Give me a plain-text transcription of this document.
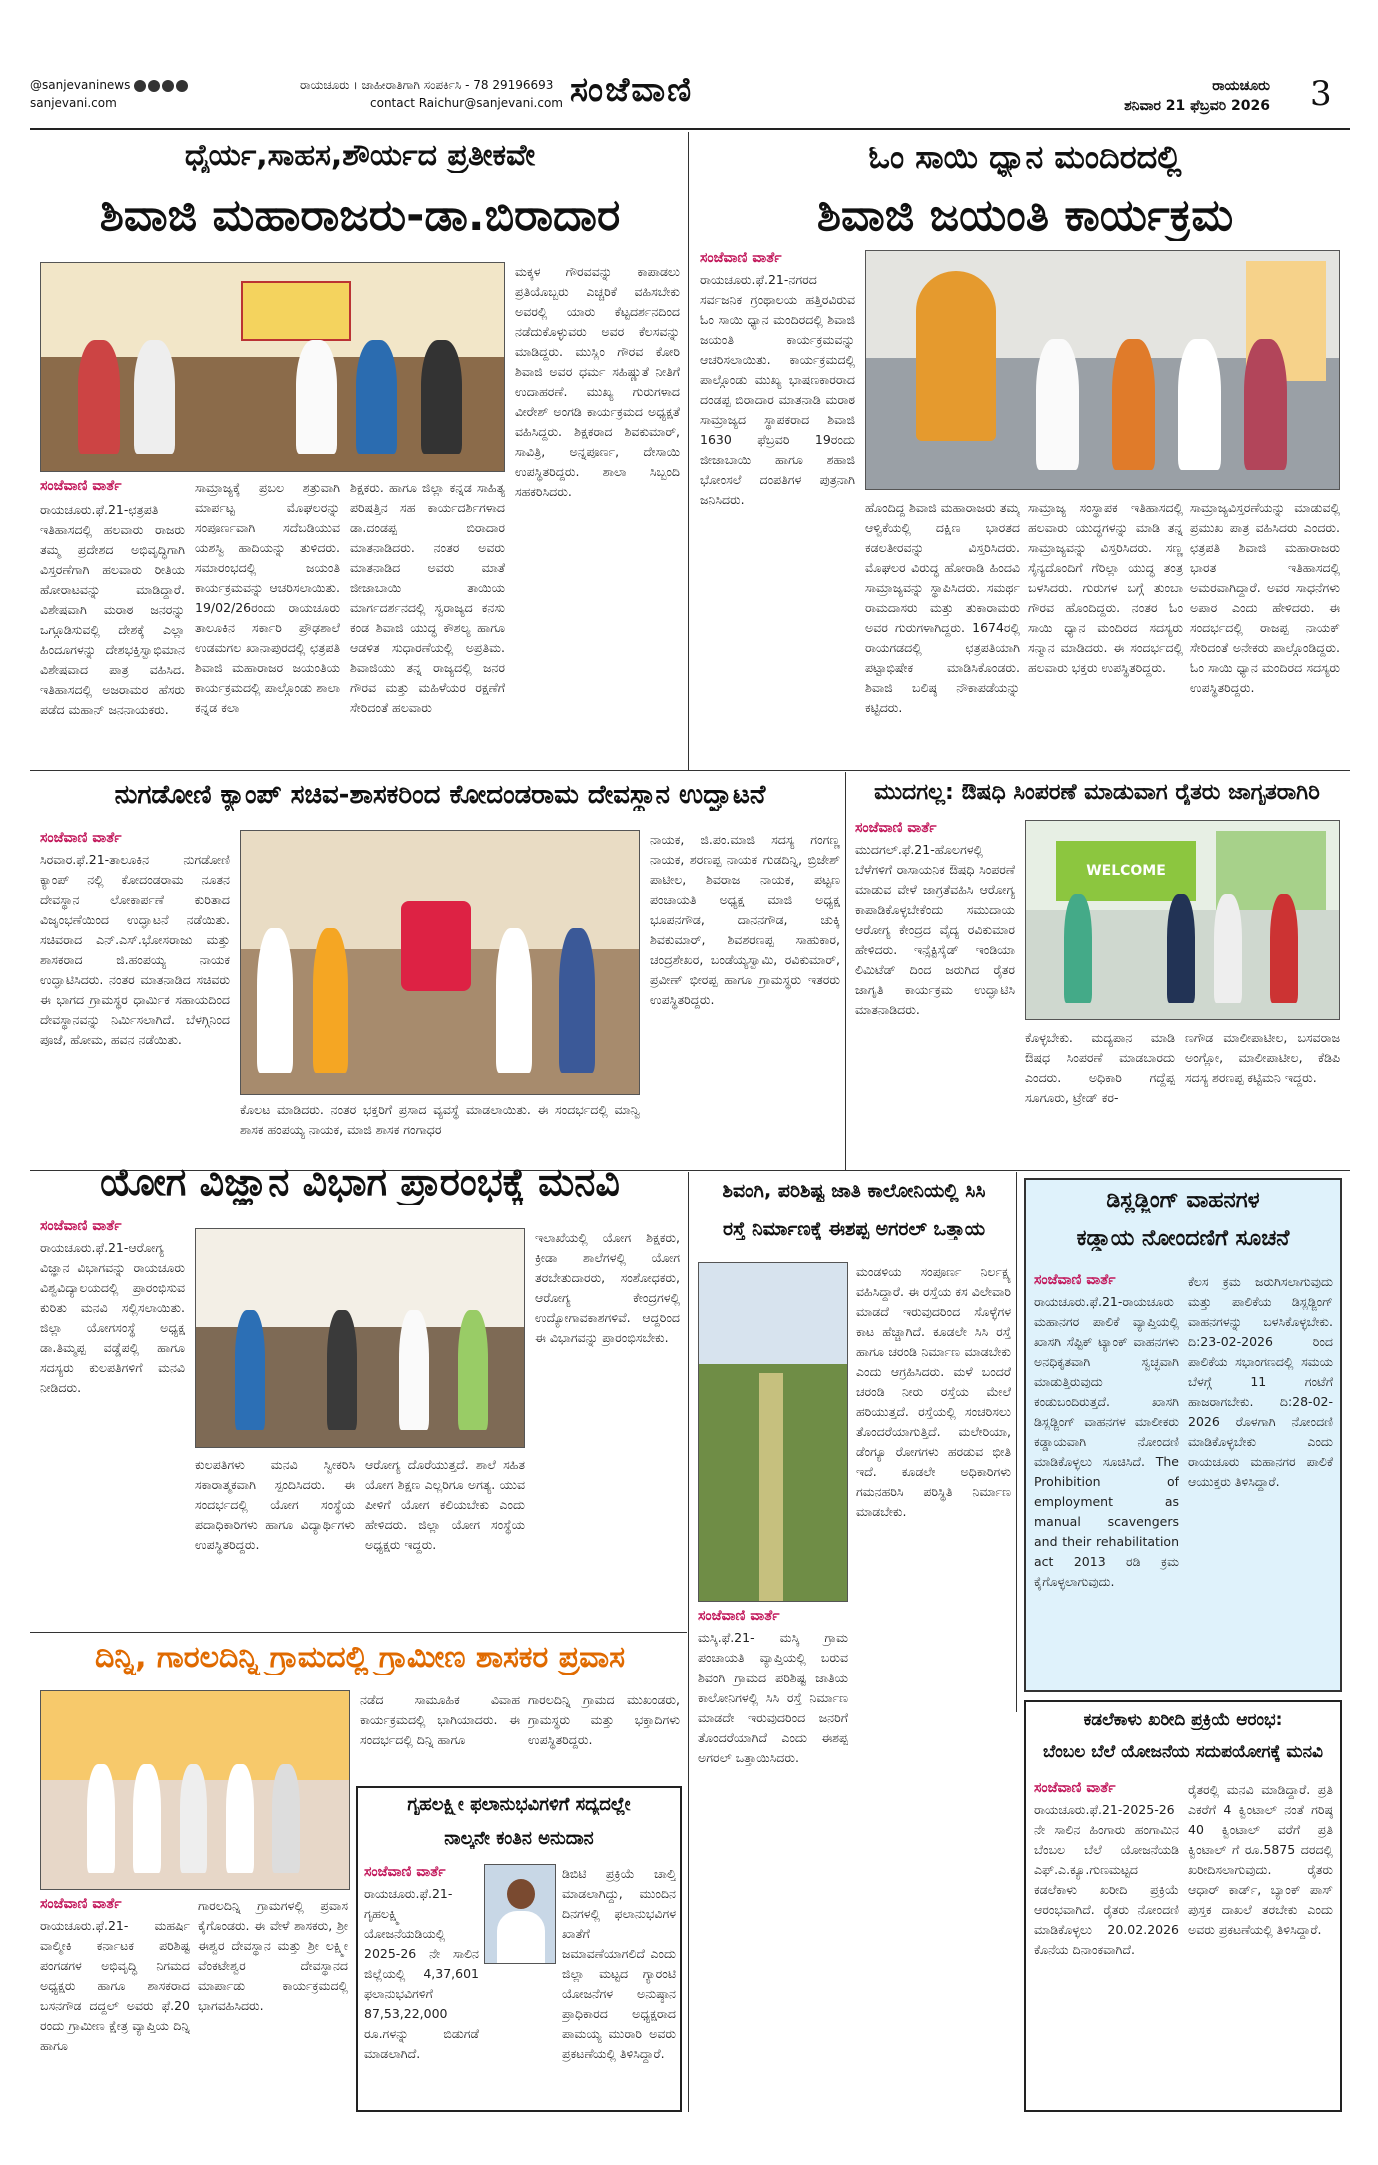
@sanjevaninews
sanjevani.com
ರಾಯಚೂರು । ಜಾಹೀರಾತಿಗಾಗಿ ಸಂಪರ್ಕಿಸಿ - 78 29196693
contact Raichur@sanjevani.com ಸಂಜೆವಾಣಿ	ರಾಯಚೂರು
ಶನಿವಾರ 21 ಫೆಬ್ರವರಿ 2026 3
ಧೈರ್ಯ,ಸಾಹಸ,ಶೌರ್ಯದ ಪ್ರತೀಕವೇ
ಶಿವಾಜಿ ಮಹಾರಾಜರು-ಡಾ.ಬಿರಾದಾರ
ಮಕ್ಕಳ ಗೌರವವನ್ನು ಕಾಪಾಡಲು ಪ್ರತಿಯೊಬ್ಬರು ಎಚ್ಚರಿಕೆ ವಹಿಸಬೇಕು ಅವರಲ್ಲಿ ಯಾರು ಕೆಟ್ಟದರ್ಶನದಿಂದ ನಡೆದುಕೊಳ್ಳುವರು ಅವರ ಕೆಲಸವನ್ನು ಮಾಡಿದ್ದರು. ಮುಸ್ಲಿಂ ಗೌರವ ಕೋರಿ ಶಿವಾಜಿ ಅವರ ಧರ್ಮ ಸಹಿಷ್ಣುತೆ ನೀತಿಗೆ ಉದಾಹರಣೆ. ಮುಖ್ಯ ಗುರುಗಳಾದ ವೀರೇಶ್ ಅಂಗಡಿ ಕಾರ್ಯಕ್ರಮದ ಅಧ್ಯಕ್ಷತೆ ವಹಿಸಿದ್ದರು. ಶಿಕ್ಷಕರಾದ ಶಿವಕುಮಾರ್, ಸಾವಿತ್ರಿ, ಅನ್ನಪೂರ್ಣ, ದೇಸಾಯಿ ಉಪಸ್ಥಿತರಿದ್ದರು. ಶಾಲಾ ಸಿಬ್ಬಂದಿ ಸಹಕರಿಸಿದರು.
ಸಂಜೆವಾಣಿ ವಾರ್ತೆ
ರಾಯಚೂರು.ಫೆ.21-ಛತ್ರಪತಿ ಇತಿಹಾಸದಲ್ಲಿ ಹಲವಾರು ರಾಜರು ತಮ್ಮ ಪ್ರದೇಶದ ಅಭಿವೃದ್ಧಿಗಾಗಿ ವಿಸ್ತರಣೆಗಾಗಿ ಹಲವಾರು ರೀತಿಯ ಹೋರಾಟವನ್ನು ಮಾಡಿದ್ದಾರೆ. ವಿಶೇಷವಾಗಿ ಮರಾಠ ಜನರನ್ನು ಒಗ್ಗೂಡಿಸುವಲ್ಲಿ ದೇಶಕ್ಕೆ ಎಲ್ಲಾ ಹಿಂದೂಗಳನ್ನು ದೇಶಭಕ್ತಿಸ್ವಾಭಿಮಾನ ವಿಶೇಷವಾದ ಪಾತ್ರ ವಹಿಸಿದ. ಇತಿಹಾಸದಲ್ಲಿ ಅಜರಾಮರ ಹೆಸರು ಪಡೆದ ಮಹಾನ್ ಜನನಾಯಕರು.
ಸಾಮ್ರಾಜ್ಯಕ್ಕೆ ಪ್ರಬಲ ಶತ್ರುವಾಗಿ ಮಾರ್ಪಟ್ಟ ಮೊಘಲರನ್ನು ಸಂಪೂರ್ಣವಾಗಿ ಸದೆಬಡಿಯುವ ಯಶಸ್ವಿ ಹಾದಿಯನ್ನು ತುಳಿದರು. ಸಮಾರಂಭದಲ್ಲಿ ಜಯಂತಿ ಕಾರ್ಯಕ್ರಮವನ್ನು ಆಚರಿಸಲಾಯಿತು. 19/02/26ರಂದು ರಾಯಚೂರು ತಾಲೂಕಿನ ಸರ್ಕಾರಿ ಪ್ರೌಢಶಾಲೆ ಉಡಮಗಲ ಖಾನಾಪುರದಲ್ಲಿ ಛತ್ರಪತಿ ಶಿವಾಜಿ ಮಹಾರಾಜರ ಜಯಂತಿಯ ಕಾರ್ಯಕ್ರಮದಲ್ಲಿ ಪಾಲ್ಗೊಂಡು ಶಾಲಾ ಕನ್ನಡ ಕಲಾ
ಶಿಕ್ಷಕರು. ಹಾಗೂ ಜಿಲ್ಲಾ ಕನ್ನಡ ಸಾಹಿತ್ಯ ಪರಿಷತ್ತಿನ ಸಹ ಕಾರ್ಯದರ್ಶಿಗಳಾದ ಡಾ.ದಂಡಪ್ಪ ಬಿರಾದಾರ ಮಾತನಾಡಿದರು. ನಂತರ ಅವರು ಮಾತನಾಡಿದ ಅವರು ಮಾತೆ ಜೀಜಾಬಾಯಿ ತಾಯಿಯ ಮಾರ್ಗದರ್ಶನದಲ್ಲಿ ಸ್ವರಾಜ್ಯದ ಕನಸು ಕಂಡ ಶಿವಾಜಿ ಯುದ್ಧ ಕೌಶಲ್ಯ ಹಾಗೂ ಆಡಳಿತ ಸುಧಾರಣೆಯಲ್ಲಿ ಅಪ್ರತಿಮ. ಶಿವಾಜಿಯು ತನ್ನ ರಾಜ್ಯದಲ್ಲಿ ಜನರ ಗೌರವ ಮತ್ತು ಮಹಿಳೆಯರ ರಕ್ಷಣೆಗೆ ಸೇರಿದಂತೆ ಹಲವಾರು
ಓಂ ಸಾಯಿ ಧ್ಯಾನ ಮಂದಿರದಲ್ಲಿ
ಶಿವಾಜಿ ಜಯಂತಿ ಕಾರ್ಯಕ್ರಮ
ಸಂಜೆವಾಣಿ ವಾರ್ತೆ
ರಾಯಚೂರು.ಫೆ.21-ನಗರದ ಸರ್ವಜನಿಕ ಗ್ರಂಥಾಲಯ ಹತ್ತಿರವಿರುವ ಓಂ ಸಾಯಿ ಧ್ಯಾನ ಮಂದಿರದಲ್ಲಿ ಶಿವಾಜಿ ಜಯಂತಿ ಕಾರ್ಯಕ್ರಮವನ್ನು ಆಚರಿಸಲಾಯಿತು. ಕಾರ್ಯಕ್ರಮದಲ್ಲಿ ಪಾಲ್ಗೊಂಡು ಮುಖ್ಯ ಭಾಷಣಕಾರರಾದ ದಂಡಪ್ಪ ಬಿರಾದಾರ ಮಾತನಾಡಿ ಮರಾಠ ಸಾಮ್ರಾಜ್ಯದ ಸ್ಥಾಪಕರಾದ ಶಿವಾಜಿ 1630 ಫೆಬ್ರವರಿ 19ರಂದು ಜೀಜಾಬಾಯಿ ಹಾಗೂ ಶಹಾಜಿ ಭೋಂಸಲೆ ದಂಪತಿಗಳ ಪುತ್ರನಾಗಿ ಜನಿಸಿದರು.
ಹೊಂದಿದ್ದ ಶಿವಾಜಿ ಮಹಾರಾಜರು ತಮ್ಮ ಆಳ್ವಿಕೆಯಲ್ಲಿ ದಕ್ಷಿಣ ಭಾರತದ ಕಡಲತೀರವನ್ನು ವಿಸ್ತರಿಸಿದರು. ಮೊಘಲರ ವಿರುದ್ಧ ಹೋರಾಡಿ ಹಿಂದವಿ ಸಾಮ್ರಾಜ್ಯವನ್ನು ಸ್ಥಾಪಿಸಿದರು. ಸಮರ್ಥ ರಾಮದಾಸರು ಮತ್ತು ತುಕಾರಾಮರು ಅವರ ಗುರುಗಳಾಗಿದ್ದರು. 1674ರಲ್ಲಿ ರಾಯಗಡದಲ್ಲಿ ಛತ್ರಪತಿಯಾಗಿ ಪಟ್ಟಾಭಿಷೇಕ ಮಾಡಿಸಿಕೊಂಡರು. ಶಿವಾಜಿ ಬಲಿಷ್ಠ ನೌಕಾಪಡೆಯನ್ನು ಕಟ್ಟಿದರು.
ಸಾಮ್ರಾಜ್ಯ ಸಂಸ್ಥಾಪಕ ಇತಿಹಾಸದಲ್ಲಿ ಹಲವಾರು ಯುದ್ಧಗಳನ್ನು ಮಾಡಿ ತನ್ನ ಸಾಮ್ರಾಜ್ಯವನ್ನು ವಿಸ್ತರಿಸಿದರು. ಸಣ್ಣ ಸೈನ್ಯದೊಂದಿಗೆ ಗೆರಿಲ್ಲಾ ಯುದ್ಧ ತಂತ್ರ ಬಳಸಿದರು. ಗುರುಗಳ ಬಗ್ಗೆ ತುಂಬಾ ಗೌರವ ಹೊಂದಿದ್ದರು. ನಂತರ ಓಂ ಸಾಯಿ ಧ್ಯಾನ ಮಂದಿರದ ಸದಸ್ಯರು ಸನ್ಮಾನ ಮಾಡಿದರು. ಈ ಸಂದರ್ಭದಲ್ಲಿ ಹಲವಾರು ಭಕ್ತರು ಉಪಸ್ಥಿತರಿದ್ದರು.
ಸಾಮ್ರಾಜ್ಯವಿಸ್ತರಣೆಯನ್ನು ಮಾಡುವಲ್ಲಿ ಪ್ರಮುಖ ಪಾತ್ರ ವಹಿಸಿದರು ಎಂದರು. ಛತ್ರಪತಿ ಶಿವಾಜಿ ಮಹಾರಾಜರು ಭಾರತ ಇತಿಹಾಸದಲ್ಲಿ ಅಮರವಾಗಿದ್ದಾರೆ. ಅವರ ಸಾಧನೆಗಳು ಅಪಾರ ಎಂದು ಹೇಳಿದರು. ಈ ಸಂದರ್ಭದಲ್ಲಿ ರಾಜಪ್ಪ ನಾಯಕ್ ಸೇರಿದಂತೆ ಅನೇಕರು ಪಾಲ್ಗೊಂಡಿದ್ದರು. ಓಂ ಸಾಯಿ ಧ್ಯಾನ ಮಂದಿರದ ಸದಸ್ಯರು ಉಪಸ್ಥಿತರಿದ್ದರು.
ನುಗಡೋಣಿ ಕ್ಯಾಂಪ್ ಸಚಿವ-ಶಾಸಕರಿಂದ ಕೋದಂಡರಾಮ ದೇವಸ್ಥಾನ ಉದ್ಘಾಟನೆ
ಸಂಜೆವಾಣಿ ವಾರ್ತೆ
ಸಿರವಾರ.ಫೆ.21-ತಾಲೂಕಿನ ನುಗಡೋಣಿ ಕ್ಯಾಂಪ್ ನಲ್ಲಿ ಕೋದಂಡರಾಮ ನೂತನ ದೇವಸ್ಥಾನ ಲೋಕಾರ್ಪಣೆ ಕುರಿತಾದ ವಿಜೃಂಭಣೆಯಿಂದ ಉದ್ಘಾಟನೆ ನಡೆಯಿತು. ಸಚಿವರಾದ ಎನ್.ಎಸ್.ಭೋಸರಾಜು ಮತ್ತು ಶಾಸಕರಾದ ಜಿ.ಹಂಪಯ್ಯ ನಾಯಕ ಉದ್ಘಾಟಿಸಿದರು. ನಂತರ ಮಾತನಾಡಿದ ಸಚಿವರು ಈ ಭಾಗದ ಗ್ರಾಮಸ್ಥರ ಧಾರ್ಮಿಕ ಸಹಾಯದಿಂದ ದೇವಸ್ಥಾನವನ್ನು ನಿರ್ಮಿಸಲಾಗಿದೆ. ಬೆಳಗ್ಗಿನಿಂದ ಪೂಜೆ, ಹೋಮ, ಹವನ ನಡೆಯಿತು.
ಕೊಲಟ ಮಾಡಿದರು. ನಂತರ ಭಕ್ತರಿಗೆ ಪ್ರಸಾದ ವ್ಯವಸ್ಥೆ ಮಾಡಲಾಯಿತು. ಈ ಸಂದರ್ಭದಲ್ಲಿ ಮಾನ್ವಿ ಶಾಸಕ ಹಂಪಯ್ಯ ನಾಯಕ, ಮಾಜಿ ಶಾಸಕ ಗಂಗಾಧರ
ನಾಯಕ, ಜಿ.ಪಂ.ಮಾಜಿ ಸದಸ್ಯ ಗಂಗಣ್ಣ ನಾಯಕ, ಶರಣಪ್ಪ ನಾಯಕ ಗುಡದಿನ್ನಿ, ಬ್ರಿಜೇಶ್ ಪಾಟೀಲ, ಶಿವರಾಜ ನಾಯಕ, ಪಟ್ಟಣ ಪಂಚಾಯತಿ ಅಧ್ಯಕ್ಷ ಮಾಜಿ ಅಧ್ಯಕ್ಷ ಭೂಪನಗೌಡ, ದಾನನಗೌಡ, ಚುಕ್ಕಿ ಶಿವಕುಮಾರ್, ಶಿವಶರಣಪ್ಪ ಸಾಹುಕಾರ, ಚಂದ್ರಶೇಖರ, ಬಂಡೆಯ್ಯಸ್ವಾಮಿ, ರವಿಕುಮಾರ್, ಪ್ರವೀಣ್ ಭೀರಪ್ಪ ಹಾಗೂ ಗ್ರಾಮಸ್ಥರು ಇತರರು ಉಪಸ್ಥಿತರಿದ್ದರು.
ಮುದಗಲ್ಲ: ಔಷಧಿ ಸಿಂಪರಣೆ ಮಾಡುವಾಗ ರೈತರು ಜಾಗೃತರಾಗಿರಿ
ಸಂಜೆವಾಣಿ ವಾರ್ತೆ
ಮುದಗಲ್.ಫೆ.21-ಹೊಲಗಳಲ್ಲಿ ಬೆಳೆಗಳಿಗೆ ರಾಸಾಯನಿಕ ಔಷಧಿ ಸಿಂಪರಣೆ ಮಾಡುವ ವೇಳೆ ಜಾಗ್ರತೆವಹಿಸಿ ಆರೋಗ್ಯ ಕಾಪಾಡಿಕೊಳ್ಳಬೇಕೆಂದು ಸಮುದಾಯ ಆರೋಗ್ಯ ಕೇಂದ್ರದ ವೈದ್ಯ ರವಿಕುಮಾರ ಹೇಳಿದರು. ಇನ್ಸೆಕ್ಟಿಸೈಡ್ ಇಂಡಿಯಾ ಲಿಮಿಟೆಡ್ ದಿಂದ ಜರುಗಿದ ರೈತರ ಜಾಗೃತಿ ಕಾರ್ಯಕ್ರಮ ಉದ್ಘಾಟಿಸಿ ಮಾತನಾಡಿದರು.
WELCOME
ಕೊಳ್ಳಬೇಕು. ಮದ್ಯಪಾನ ಮಾಡಿ ಔಷಧ ಸಿಂಪರಣೆ ಮಾಡಬಾರದು ಎಂದರು. ಅಧಿಕಾರಿ ಗದ್ದೆಪ್ಪ ಸೂಗೂರು, ಟ್ರೇಡ್ ಕರ-
ಣಗೌಡ ಮಾಲೀಪಾಟೀಲ, ಬಸವರಾಜ ಅಂಗ್ಲೋ, ಮಾಲೀಪಾಟೀಲ, ಕೆಡಿಪಿ ಸದಸ್ಯ ಶರಣಪ್ಪ ಕಟ್ಟಿಮನಿ ಇದ್ದರು.
ಯೋಗ ವಿಜ್ಞಾನ ವಿಭಾಗ ಪ್ರಾರಂಭಕ್ಕೆ ಮನವಿ
ಸಂಜೆವಾಣಿ ವಾರ್ತೆ
ರಾಯಚೂರು.ಫೆ.21-ಆರೋಗ್ಯ ವಿಜ್ಞಾನ ವಿಭಾಗವನ್ನು ರಾಯಚೂರು ವಿಶ್ವವಿದ್ಯಾಲಯದಲ್ಲಿ ಪ್ರಾರಂಭಿಸುವ ಕುರಿತು ಮನವಿ ಸಲ್ಲಿಸಲಾಯಿತು. ಜಿಲ್ಲಾ ಯೋಗಸಂಸ್ಥೆ ಅಧ್ಯಕ್ಷ ಡಾ.ತಿಮ್ಮಪ್ಪ ವಡ್ಡೆಪಲ್ಲಿ ಹಾಗೂ ಸದಸ್ಯರು ಕುಲಪತಿಗಳಿಗೆ ಮನವಿ ನೀಡಿದರು.
ಇಲಾಖೆಯಲ್ಲಿ ಯೋಗ ಶಿಕ್ಷಕರು, ಕ್ರೀಡಾ ಶಾಲೆಗಳಲ್ಲಿ ಯೋಗ ತರಬೇತುದಾರರು, ಸಂಶೋಧಕರು, ಆರೋಗ್ಯ ಕೇಂದ್ರಗಳಲ್ಲಿ ಉದ್ಯೋಗಾವಕಾಶಗಳಿವೆ. ಆದ್ದರಿಂದ ಈ ವಿಭಾಗವನ್ನು ಪ್ರಾರಂಭಿಸಬೇಕು.
ಕುಲಪತಿಗಳು ಮನವಿ ಸ್ವೀಕರಿಸಿ ಸಕಾರಾತ್ಮಕವಾಗಿ ಸ್ಪಂದಿಸಿದರು. ಈ ಸಂದರ್ಭದಲ್ಲಿ ಯೋಗ ಸಂಸ್ಥೆಯ ಪದಾಧಿಕಾರಿಗಳು ಹಾಗೂ ವಿದ್ಯಾರ್ಥಿಗಳು ಉಪಸ್ಥಿತರಿದ್ದರು.
ಆರೋಗ್ಯ ದೊರೆಯುತ್ತದೆ. ಶಾಲೆ ಸಹಿತ ಯೋಗ ಶಿಕ್ಷಣ ಎಲ್ಲರಿಗೂ ಅಗತ್ಯ. ಯುವ ಪೀಳಿಗೆ ಯೋಗ ಕಲಿಯಬೇಕು ಎಂದು ಹೇಳಿದರು. ಜಿಲ್ಲಾ ಯೋಗ ಸಂಸ್ಥೆಯ ಅಧ್ಯಕ್ಷರು ಇದ್ದರು.
ಶಿವಂಗಿ, ಪರಿಶಿಷ್ಟ ಜಾತಿ ಕಾಲೋನಿಯಲ್ಲಿ ಸಿಸಿ
ರಸ್ತೆ ನಿರ್ಮಾಣಕ್ಕೆ ಈಶಪ್ಪ ಅಗರಲ್ ಒತ್ತಾಯ
ಸಂಜೆವಾಣಿ ವಾರ್ತೆ
ಮಸ್ಕಿ.ಫೆ.21- ಮಸ್ಕಿ ಗ್ರಾಮ ಪಂಚಾಯತಿ ವ್ಯಾಪ್ತಿಯಲ್ಲಿ ಬರುವ ಶಿವಂಗಿ ಗ್ರಾಮದ ಪರಿಶಿಷ್ಟ ಜಾತಿಯ ಕಾಲೋನಿಗಳಲ್ಲಿ ಸಿಸಿ ರಸ್ತೆ ನಿರ್ಮಾಣ ಮಾಡದೇ ಇರುವುದರಿಂದ ಜನರಿಗೆ ತೊಂದರೆಯಾಗಿದೆ ಎಂದು ಈಶಪ್ಪ ಅಗರಲ್ ಒತ್ತಾಯಿಸಿದರು.
ಮಂಡಳಿಯ ಸಂಪೂರ್ಣ ನಿರ್ಲಕ್ಷ್ಯ ವಹಿಸಿದ್ದಾರೆ. ಈ ರಸ್ತೆಯ ಕಸ ವಿಲೇವಾರಿ ಮಾಡದೆ ಇರುವುದರಿಂದ ಸೊಳ್ಳೆಗಳ ಕಾಟ ಹೆಚ್ಚಾಗಿದೆ. ಕೂಡಲೇ ಸಿಸಿ ರಸ್ತೆ ಹಾಗೂ ಚರಂಡಿ ನಿರ್ಮಾಣ ಮಾಡಬೇಕು ಎಂದು ಆಗ್ರಹಿಸಿದರು. ಮಳೆ ಬಂದರೆ ಚರಂಡಿ ನೀರು ರಸ್ತೆಯ ಮೇಲೆ ಹರಿಯುತ್ತದೆ. ರಸ್ತೆಯಲ್ಲಿ ಸಂಚರಿಸಲು ತೊಂದರೆಯಾಗುತ್ತಿದೆ. ಮಲೇರಿಯಾ, ಡೆಂಗ್ಯೂ ರೋಗಗಳು ಹರಡುವ ಭೀತಿ ಇದೆ. ಕೂಡಲೇ ಅಧಿಕಾರಿಗಳು ಗಮನಹರಿಸಿ ಪರಿಸ್ಥಿತಿ ನಿರ್ಮಾಣ ಮಾಡಬೇಕು.
ಡಿಸ್ಲಡ್ಜಿಂಗ್ ವಾಹನಗಳ
ಕಡ್ಡಾಯ ನೋಂದಣಿಗೆ ಸೂಚನೆ
ಸಂಜೆವಾಣಿ ವಾರ್ತೆ
ರಾಯಚೂರು.ಫೆ.21-ರಾಯಚೂರು ಮಹಾನಗರ ಪಾಲಿಕೆ ವ್ಯಾಪ್ತಿಯಲ್ಲಿ ಖಾಸಗಿ ಸೆಪ್ಟಿಕ್ ಟ್ಯಾಂಕ್ ವಾಹನಗಳು ಅನಧಿಕೃತವಾಗಿ ಸ್ವಚ್ಛವಾಗಿ ಮಾಡುತ್ತಿರುವುದು ಕಂಡುಬಂದಿರುತ್ತದೆ. ಖಾಸಗಿ ಡಿಸ್ಲಡ್ಜಿಂಗ್ ವಾಹನಗಳ ಮಾಲೀಕರು ಕಡ್ಡಾಯವಾಗಿ ನೋಂದಣಿ ಮಾಡಿಕೊಳ್ಳಲು ಸೂಚಿಸಿದೆ. The Prohibition of employment as manual scavengers and their rehabilitation act 2013 ರಡಿ ಕ್ರಮ ಕೈಗೊಳ್ಳಲಾಗುವುದು.
ಕೆಲಸ ಕ್ರಮ ಜರುಗಿಸಲಾಗುವುದು ಮತ್ತು ಪಾಲಿಕೆಯ ಡಿಸ್ಲಡ್ಜಿಂಗ್ ವಾಹನಗಳನ್ನು ಬಳಸಿಕೊಳ್ಳಬೇಕು. ದಿ:23-02-2026 ರಿಂದ ಪಾಲಿಕೆಯ ಸಭಾಂಗಣದಲ್ಲಿ ಸಮಯ ಬೆಳಗ್ಗೆ 11 ಗಂಟೆಗೆ ಹಾಜರಾಗಬೇಕು. ದಿ:28-02-2026 ರೊಳಗಾಗಿ ನೋಂದಣಿ ಮಾಡಿಕೊಳ್ಳಬೇಕು ಎಂದು ರಾಯಚೂರು ಮಹಾನಗರ ಪಾಲಿಕೆ ಆಯುಕ್ತರು ತಿಳಿಸಿದ್ದಾರೆ.
ದಿನ್ನಿ, ಗಾರಲದಿನ್ನಿ ಗ್ರಾಮದಲ್ಲಿ ಗ್ರಾಮೀಣ ಶಾಸಕರ ಪ್ರವಾಸ
ನಡೆದ ಸಾಮೂಹಿಕ ವಿವಾಹ ಕಾರ್ಯಕ್ರಮದಲ್ಲಿ ಭಾಗಿಯಾದರು. ಈ ಸಂದರ್ಭದಲ್ಲಿ ದಿನ್ನಿ ಹಾಗೂ
ಗಾರಲದಿನ್ನಿ ಗ್ರಾಮದ ಮುಖಂಡರು, ಗ್ರಾಮಸ್ಥರು ಮತ್ತು ಭಕ್ತಾದಿಗಳು ಉಪಸ್ಥಿತರಿದ್ದರು.
ಸಂಜೆವಾಣಿ ವಾರ್ತೆ
ರಾಯಚೂರು.ಫೆ.21- ಮಹರ್ಷಿ ವಾಲ್ಮೀಕಿ ಕರ್ನಾಟಕ ಪರಿಶಿಷ್ಟ ಪಂಗಡಗಳ ಅಭಿವೃದ್ಧಿ ನಿಗಮದ ಅಧ್ಯಕ್ಷರು ಹಾಗೂ ಶಾಸಕರಾದ ಬಸನಗೌಡ ದದ್ದಲ್ ಅವರು ಫೆ.20 ರಂದು ಗ್ರಾಮೀಣ ಕ್ಷೇತ್ರ ವ್ಯಾಪ್ತಿಯ ದಿನ್ನಿ ಹಾಗೂ
ಗಾರಲದಿನ್ನಿ ಗ್ರಾಮಗಳಲ್ಲಿ ಪ್ರವಾಸ ಕೈಗೊಂಡರು. ಈ ವೇಳೆ ಶಾಸಕರು, ಶ್ರೀ ಈಶ್ವರ ದೇವಸ್ಥಾನ ಮತ್ತು ಶ್ರೀ ಲಕ್ಷ್ಮೀ ವೆಂಕಟೇಶ್ವರ ದೇವಸ್ಥಾನದ ಮಾರ್ಪಾಡು ಕಾರ್ಯಕ್ರಮದಲ್ಲಿ ಭಾಗವಹಿಸಿದರು.
ಗೃಹಲಕ್ಷ್ಮೀ ಫಲಾನುಭವಿಗಳಿಗೆ ಸದ್ಯದಲ್ಲೇ
ನಾಲ್ಕನೇ ಕಂತಿನ ಅನುದಾನ
ಸಂಜೆವಾಣಿ ವಾರ್ತೆ
ರಾಯಚೂರು.ಫೆ.21- ಗೃಹಲಕ್ಷ್ಮಿ ಯೋಜನೆಯಡಿಯಲ್ಲಿ 2025-26 ನೇ ಸಾಲಿನ ಜಿಲ್ಲೆಯಲ್ಲಿ 4,37,601 ಫಲಾನುಭವಿಗಳಿಗೆ 87,53,22,000 ರೂ.ಗಳನ್ನು ಬಿಡುಗಡೆ ಮಾಡಲಾಗಿದೆ.
ಡಿಬಿಟಿ ಪ್ರಕ್ರಿಯೆ ಚಾಲ್ತಿ ಮಾಡಲಾಗಿದ್ದು, ಮುಂದಿನ ದಿನಗಳಲ್ಲಿ ಫಲಾನುಭವಿಗಳ ಖಾತೆಗೆ ಜಮಾವಣೆಯಾಗಲಿದೆ ಎಂದು ಜಿಲ್ಲಾ ಮಟ್ಟದ ಗ್ಯಾರಂಟಿ ಯೋಜನೆಗಳ ಅನುಷ್ಠಾನ ಪ್ರಾಧಿಕಾರದ ಅಧ್ಯಕ್ಷರಾದ ಪಾಮಯ್ಯ ಮುರಾರಿ ಅವರು ಪ್ರಕಟಣೆಯಲ್ಲಿ ತಿಳಿಸಿದ್ದಾರೆ.
ಕಡಲೆಕಾಳು ಖರೀದಿ ಪ್ರಕ್ರಿಯೆ ಆರಂಭ:
ಬೆಂಬಲ ಬೆಲೆ ಯೋಜನೆಯ ಸದುಪಯೋಗಕ್ಕೆ ಮನವಿ
ಸಂಜೆವಾಣಿ ವಾರ್ತೆ
ರಾಯಚೂರು.ಫೆ.21-2025-26 ನೇ ಸಾಲಿನ ಹಿಂಗಾರು ಹಂಗಾಮಿನ ಬೆಂಬಲ ಬೆಲೆ ಯೋಜನೆಯಡಿ ಎಫ್.ಎ.ಕ್ಯೂ.ಗುಣಮಟ್ಟದ ಕಡಲೆಕಾಳು ಖರೀದಿ ಪ್ರಕ್ರಿಯೆ ಆರಂಭವಾಗಿದೆ. ರೈತರು ನೋಂದಣಿ ಮಾಡಿಕೊಳ್ಳಲು 20.02.2026 ಕೊನೆಯ ದಿನಾಂಕವಾಗಿದೆ.
ರೈತರಲ್ಲಿ ಮನವಿ ಮಾಡಿದ್ದಾರೆ. ಪ್ರತಿ ಎಕರೆಗೆ 4 ಕ್ವಿಂಟಾಲ್ ನಂತೆ ಗರಿಷ್ಠ 40 ಕ್ವಿಂಟಾಲ್ ವರೆಗೆ ಪ್ರತಿ ಕ್ವಿಂಟಾಲ್ ಗೆ ರೂ.5875 ದರದಲ್ಲಿ ಖರೀದಿಸಲಾಗುವುದು. ರೈತರು ಆಧಾರ್ ಕಾರ್ಡ್, ಬ್ಯಾಂಕ್ ಪಾಸ್ ಪುಸ್ತಕ ದಾಖಲೆ ತರಬೇಕು ಎಂದು ಅವರು ಪ್ರಕಟಣೆಯಲ್ಲಿ ತಿಳಿಸಿದ್ದಾರೆ.
